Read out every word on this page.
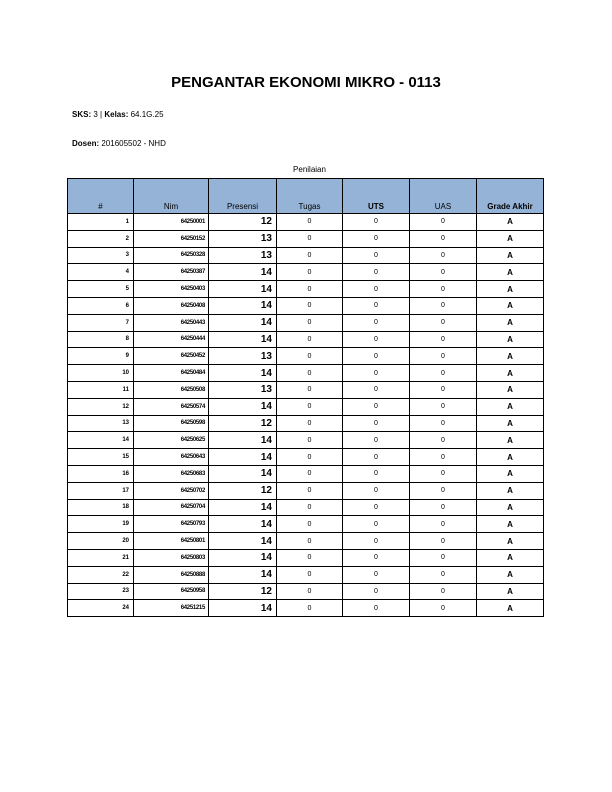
PENGANTAR EKONOMI MIKRO - 0113
SKS: 3 | Kelas: 64.1G.25
Dosen: 201605502 - NHD
Penilaian
#	Nim	Presensi	Tugas	UTS	UAS	Grade Akhir
1	64250001	12	0	0	0	A
2	64250152	13	0	0	0	A
3	64250328	13	0	0	0	A
4	64250387	14	0	0	0	A
5	64250403	14	0	0	0	A
6	64250408	14	0	0	0	A
7	64250443	14	0	0	0	A
8	64250444	14	0	0	0	A
9	64250452	13	0	0	0	A
10	64250484	14	0	0	0	A
11	64250508	13	0	0	0	A
12	64250574	14	0	0	0	A
13	64250598	12	0	0	0	A
14	64250625	14	0	0	0	A
15	64250643	14	0	0	0	A
16	64250683	14	0	0	0	A
17	64250702	12	0	0	0	A
18	64250704	14	0	0	0	A
19	64250793	14	0	0	0	A
20	64250801	14	0	0	0	A
21	64250803	14	0	0	0	A
22	64250888	14	0	0	0	A
23	64250958	12	0	0	0	A
24	64251215	14	0	0	0	A
